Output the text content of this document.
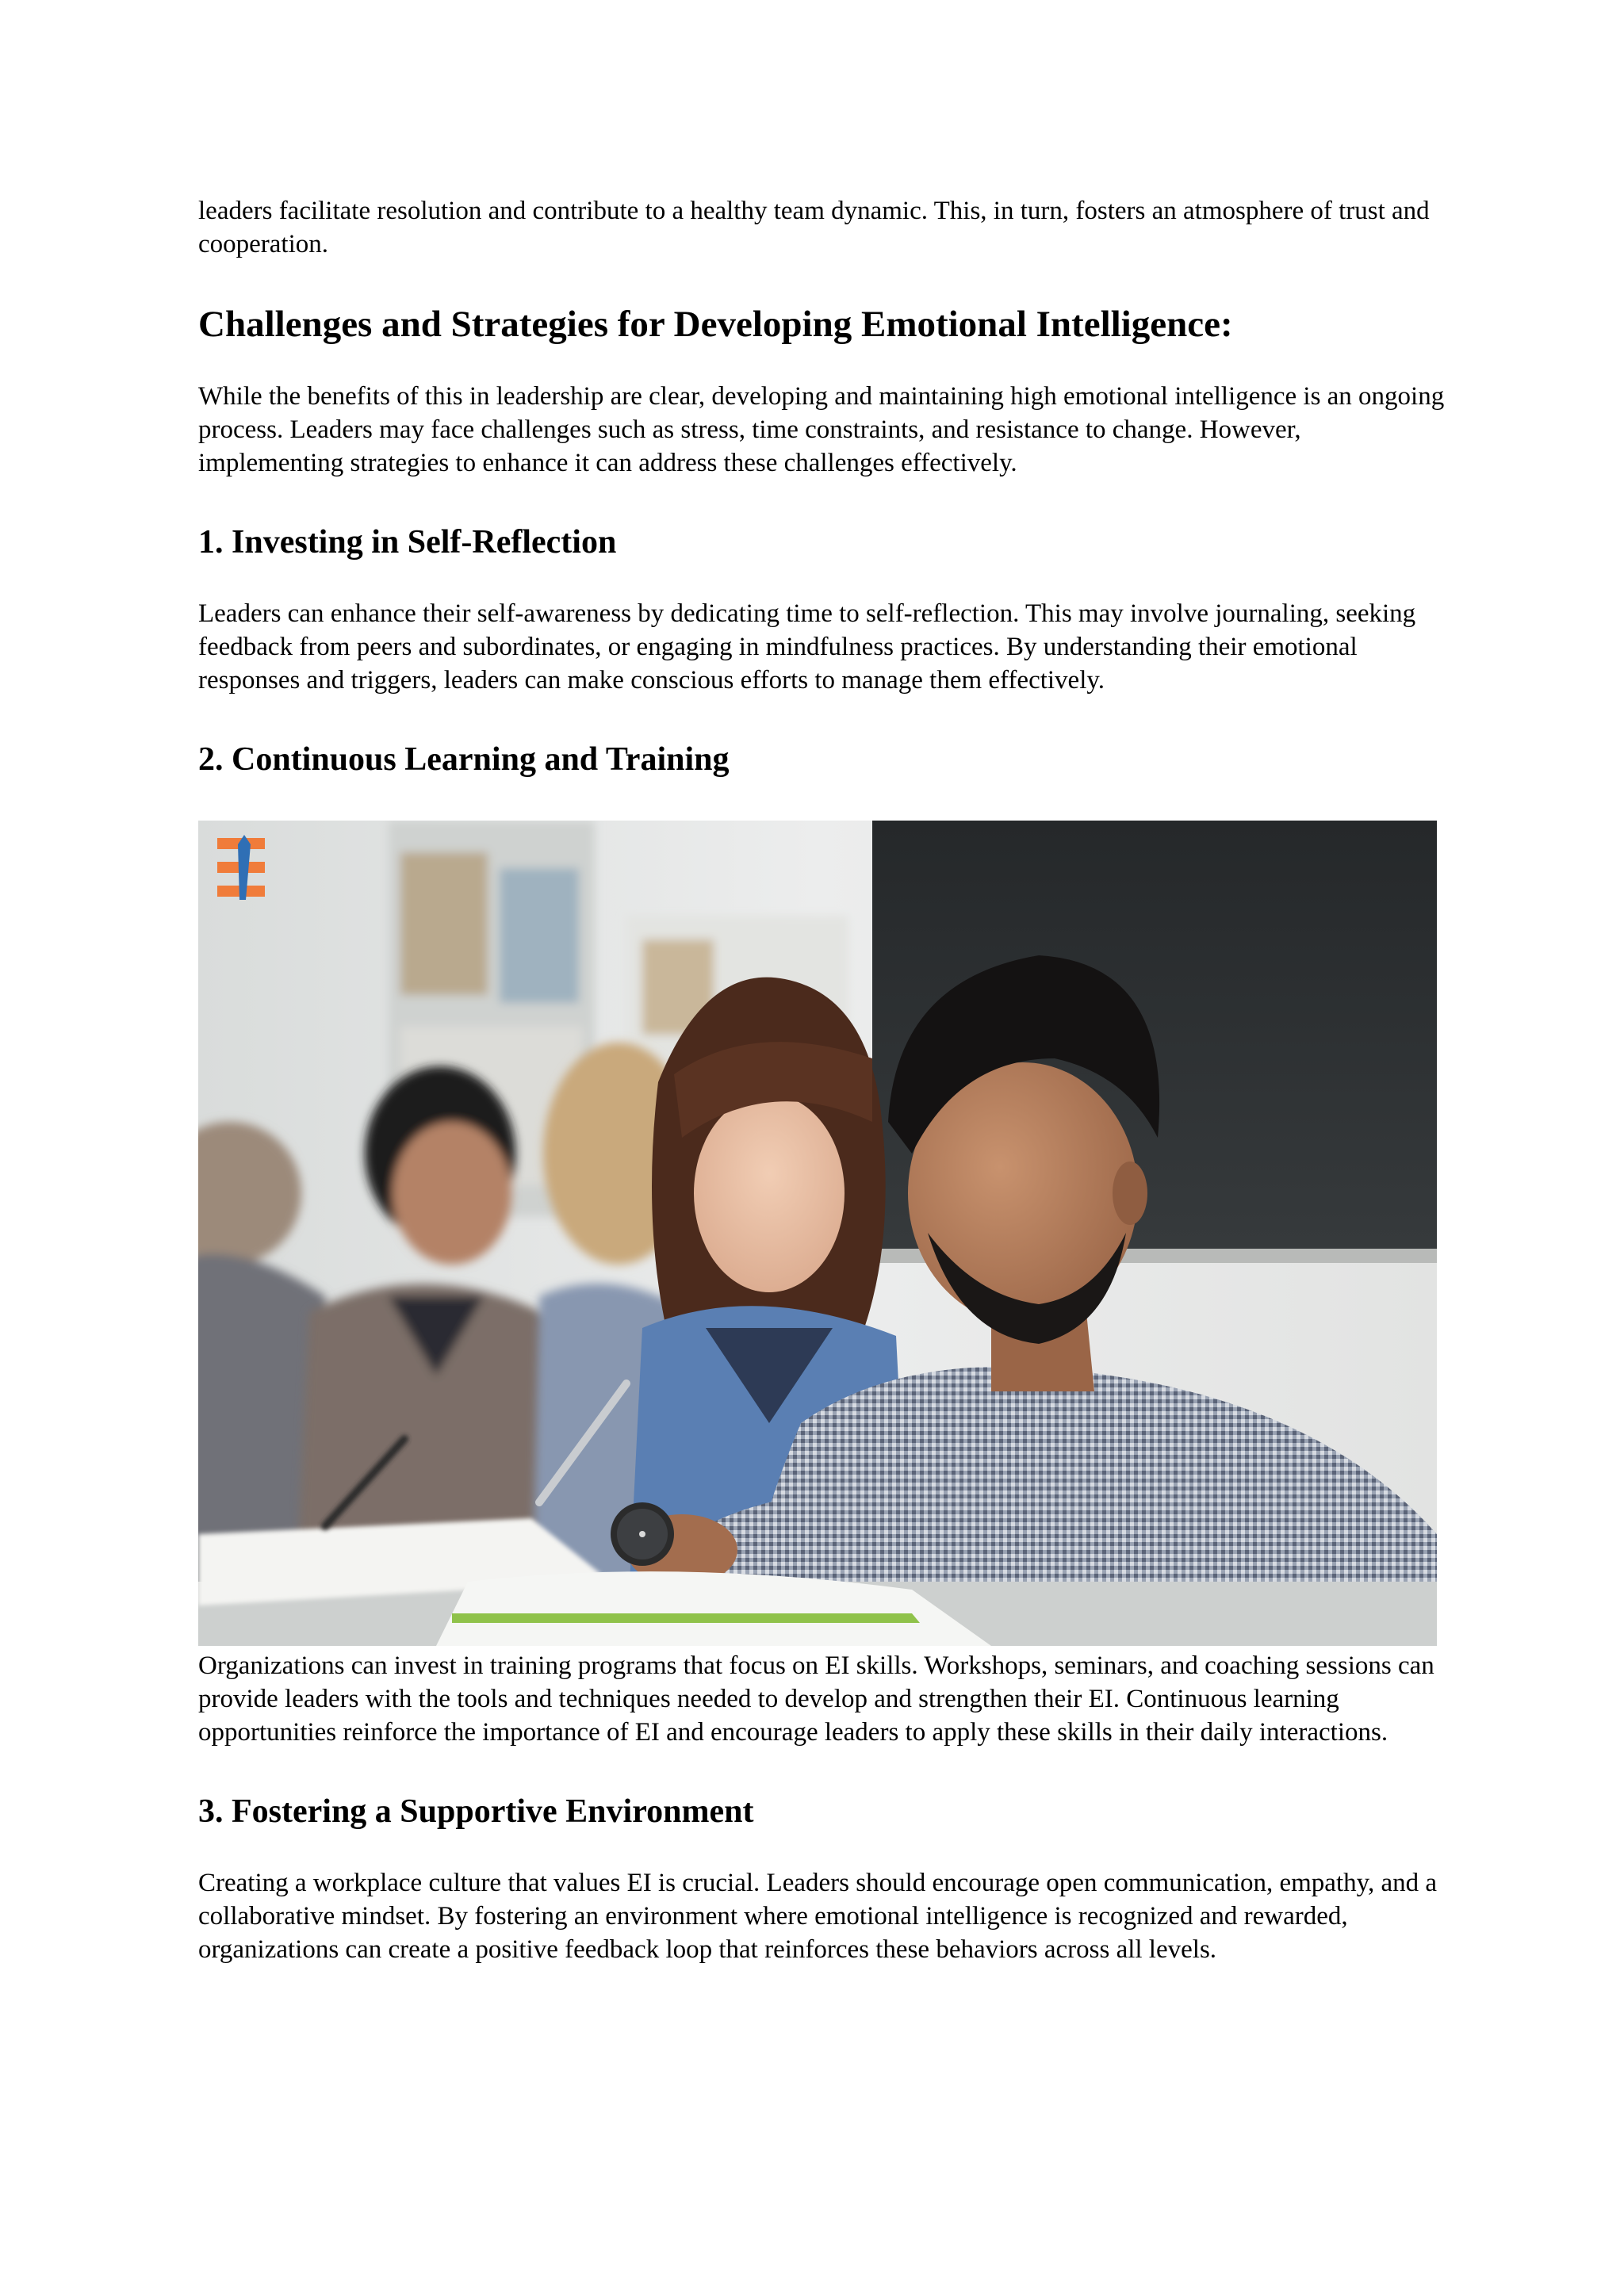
leaders facilitate resolution and contribute to a healthy team dynamic. This, in turn, fosters an atmosphere of trust and cooperation.

Challenges and Strategies for Developing Emotional Intelligence:

While the benefits of this in leadership are clear, developing and maintaining high emotional intelligence is an ongoing process. Leaders may face challenges such as stress, time constraints, and resistance to change. However, implementing strategies to enhance it can address these challenges effectively.

1. Investing in Self-Reflection

Leaders can enhance their self-awareness by dedicating time to self-reflection. This may involve journaling, seeking feedback from peers and subordinates, or engaging in mindfulness practices. By understanding their emotional responses and triggers, leaders can make conscious efforts to manage them effectively.

2. Continuous Learning and Training

Organizations can invest in training programs that focus on EI skills. Workshops, seminars, and coaching sessions can provide leaders with the tools and techniques needed to develop and strengthen their EI. Continuous learning opportunities reinforce the importance of EI and encourage leaders to apply these skills in their daily interactions.

3. Fostering a Supportive Environment

Creating a workplace culture that values EI is crucial. Leaders should encourage open communication, empathy, and a collaborative mindset. By fostering an environment where emotional intelligence is recognized and rewarded, organizations can create a positive feedback loop that reinforces these behaviors across all levels.
